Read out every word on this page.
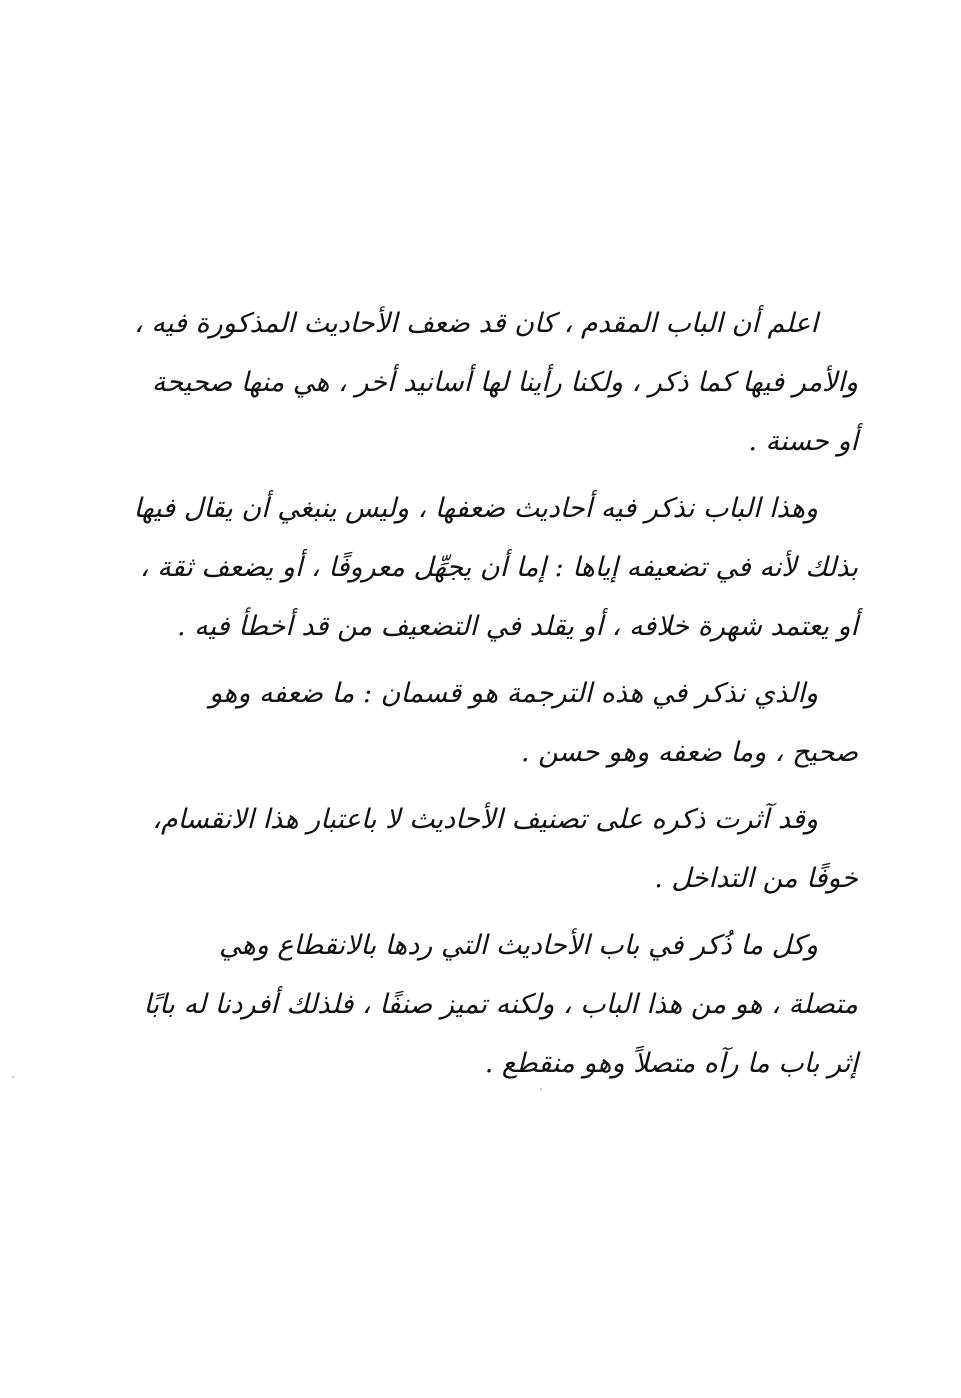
اعلم أن الباب المقدم ، كان قد ضعف الأحاديث المذكورة فيه ،
والأمر فيها كما ذكر ، ولكنا رأينا لها أسانيد أخر ، هي منها صحيحة
أو حسنة .

وهذا الباب نذكر فيه أحاديث ضعفها ، وليس ينبغي أن يقال فيها
بذلك لأنه في تضعيفه إياها : إما أن يجهِّل معروفًا ، أو يضعف ثقة ،
أو يعتمد شهرة خلافه ، أو يقلد في التضعيف من قد أخطأ فيه .

والذي نذكر في هذه الترجمة هو قسمان : ما ضعفه وهو
صحيح ، وما ضعفه وهو حسن .

وقد آثرت ذكره على تصنيف الأحاديث لا باعتبار هذا الانقسام،
خوفًا من التداخل .

وكل ما ذُكر في باب الأحاديث التي ردها بالانقطاع وهي
متصلة ، هو من هذا الباب ، ولكنه تميز صنفًا ، فلذلك أفردنا له بابًا
إثر باب ما رآه متصلاً وهو منقطع .
